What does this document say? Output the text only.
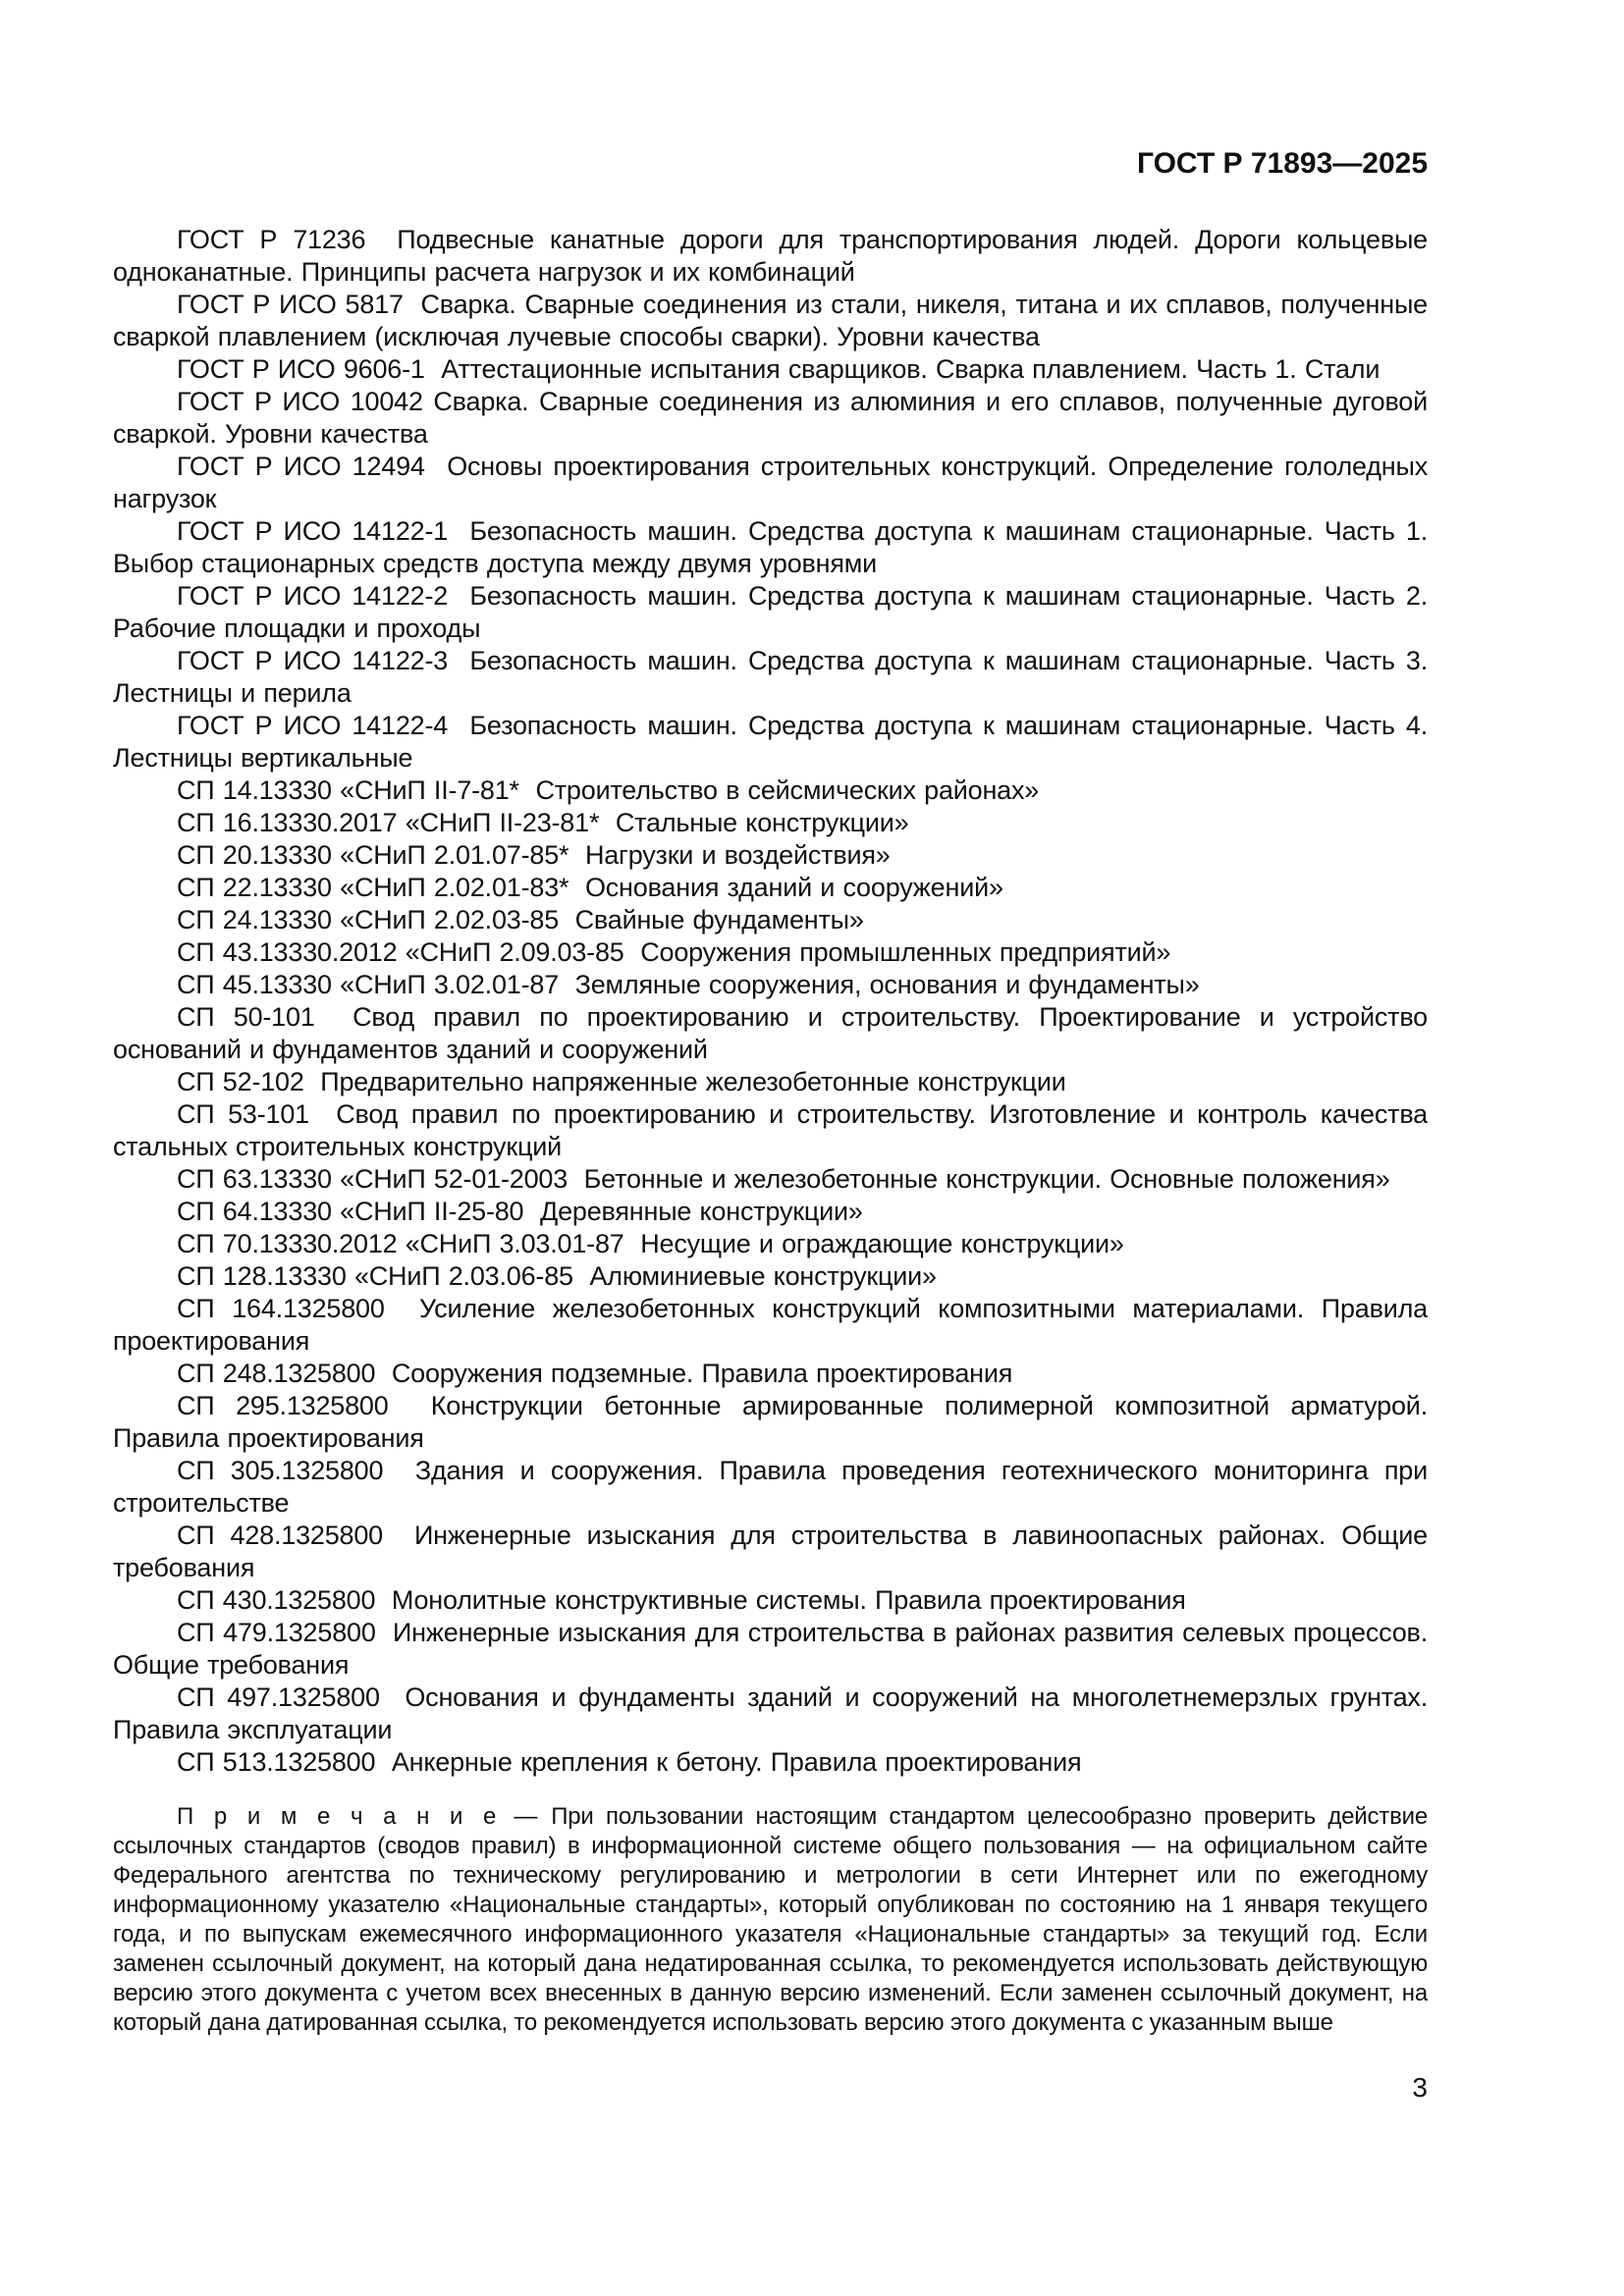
ГОСТ Р 71893—2025

ГОСТ Р 71236  Подвесные канатные дороги для транспортирования людей. Дороги кольцевые одноканатные. Принципы расчета нагрузок и их комбинаций

ГОСТ Р ИСО 5817  Сварка. Сварные соединения из стали, никеля, титана и их сплавов, полученные сваркой плавлением (исключая лучевые способы сварки). Уровни качества

ГОСТ Р ИСО 9606-1  Аттестационные испытания сварщиков. Сварка плавлением. Часть 1. Стали

ГОСТ Р ИСО 10042 Сварка. Сварные соединения из алюминия и его сплавов, полученные дуговой сваркой. Уровни качества

ГОСТ Р ИСО 12494  Основы проектирования строительных конструкций. Определение гололедных нагрузок

ГОСТ Р ИСО 14122-1  Безопасность машин. Средства доступа к машинам стационарные. Часть 1. Выбор стационарных средств доступа между двумя уровнями

ГОСТ Р ИСО 14122-2  Безопасность машин. Средства доступа к машинам стационарные. Часть 2. Рабочие площадки и проходы

ГОСТ Р ИСО 14122-3  Безопасность машин. Средства доступа к машинам стационарные. Часть 3. Лестницы и перила

ГОСТ Р ИСО 14122-4  Безопасность машин. Средства доступа к машинам стационарные. Часть 4. Лестницы вертикальные

СП 14.13330 «СНиП II-7-81*  Строительство в сейсмических районах»

СП 16.13330.2017 «СНиП II-23-81*  Стальные конструкции»

СП 20.13330 «СНиП 2.01.07-85*  Нагрузки и воздействия»

СП 22.13330 «СНиП 2.02.01-83*  Основания зданий и сооружений»

СП 24.13330 «СНиП 2.02.03-85  Свайные фундаменты»

СП 43.13330.2012 «СНиП 2.09.03-85  Сооружения промышленных предприятий»

СП 45.13330 «СНиП 3.02.01-87  Земляные сооружения, основания и фундаменты»

СП 50-101  Свод правил по проектированию и строительству. Проектирование и устройство оснований и фундаментов зданий и сооружений

СП 52-102  Предварительно напряженные железобетонные конструкции

СП 53-101  Свод правил по проектированию и строительству. Изготовление и контроль качества стальных строительных конструкций

СП 63.13330 «СНиП 52-01-2003  Бетонные и железобетонные конструкции. Основные положения»

СП 64.13330 «СНиП II-25-80  Деревянные конструкции»

СП 70.13330.2012 «СНиП 3.03.01-87  Несущие и ограждающие конструкции»

СП 128.13330 «СНиП 2.03.06-85  Алюминиевые конструкции»

СП 164.1325800  Усиление железобетонных конструкций композитными материалами. Правила проектирования

СП 248.1325800  Сооружения подземные. Правила проектирования

СП 295.1325800  Конструкции бетонные армированные полимерной композитной арматурой. Правила проектирования

СП 305.1325800  Здания и сооружения. Правила проведения геотехнического мониторинга при строительстве

СП 428.1325800  Инженерные изыскания для строительства в лавиноопасных районах. Общие требования

СП 430.1325800  Монолитные конструктивные системы. Правила проектирования

СП 479.1325800  Инженерные изыскания для строительства в районах развития селевых процессов. Общие требования

СП 497.1325800  Основания и фундаменты зданий и сооружений на многолетнемерзлых грунтах. Правила эксплуатации

СП 513.1325800  Анкерные крепления к бетону. Правила проектирования

П р и м е ч а н и е — При пользовании настоящим стандартом целесообразно проверить действие ссылочных стандартов (сводов правил) в информационной системе общего пользования — на официальном сайте Федерального агентства по техническому регулированию и метрологии в сети Интернет или по ежегодному информационному указателю «Национальные стандарты», который опубликован по состоянию на 1 января текущего года, и по выпускам ежемесячного информационного указателя «Национальные стандарты» за текущий год. Если заменен ссылочный документ, на который дана недатированная ссылка, то рекомендуется использовать действующую версию этого документа с учетом всех внесенных в данную версию изменений. Если заменен ссылочный документ, на который дана датированная ссылка, то рекомендуется использовать версию этого документа с указанным выше
3
